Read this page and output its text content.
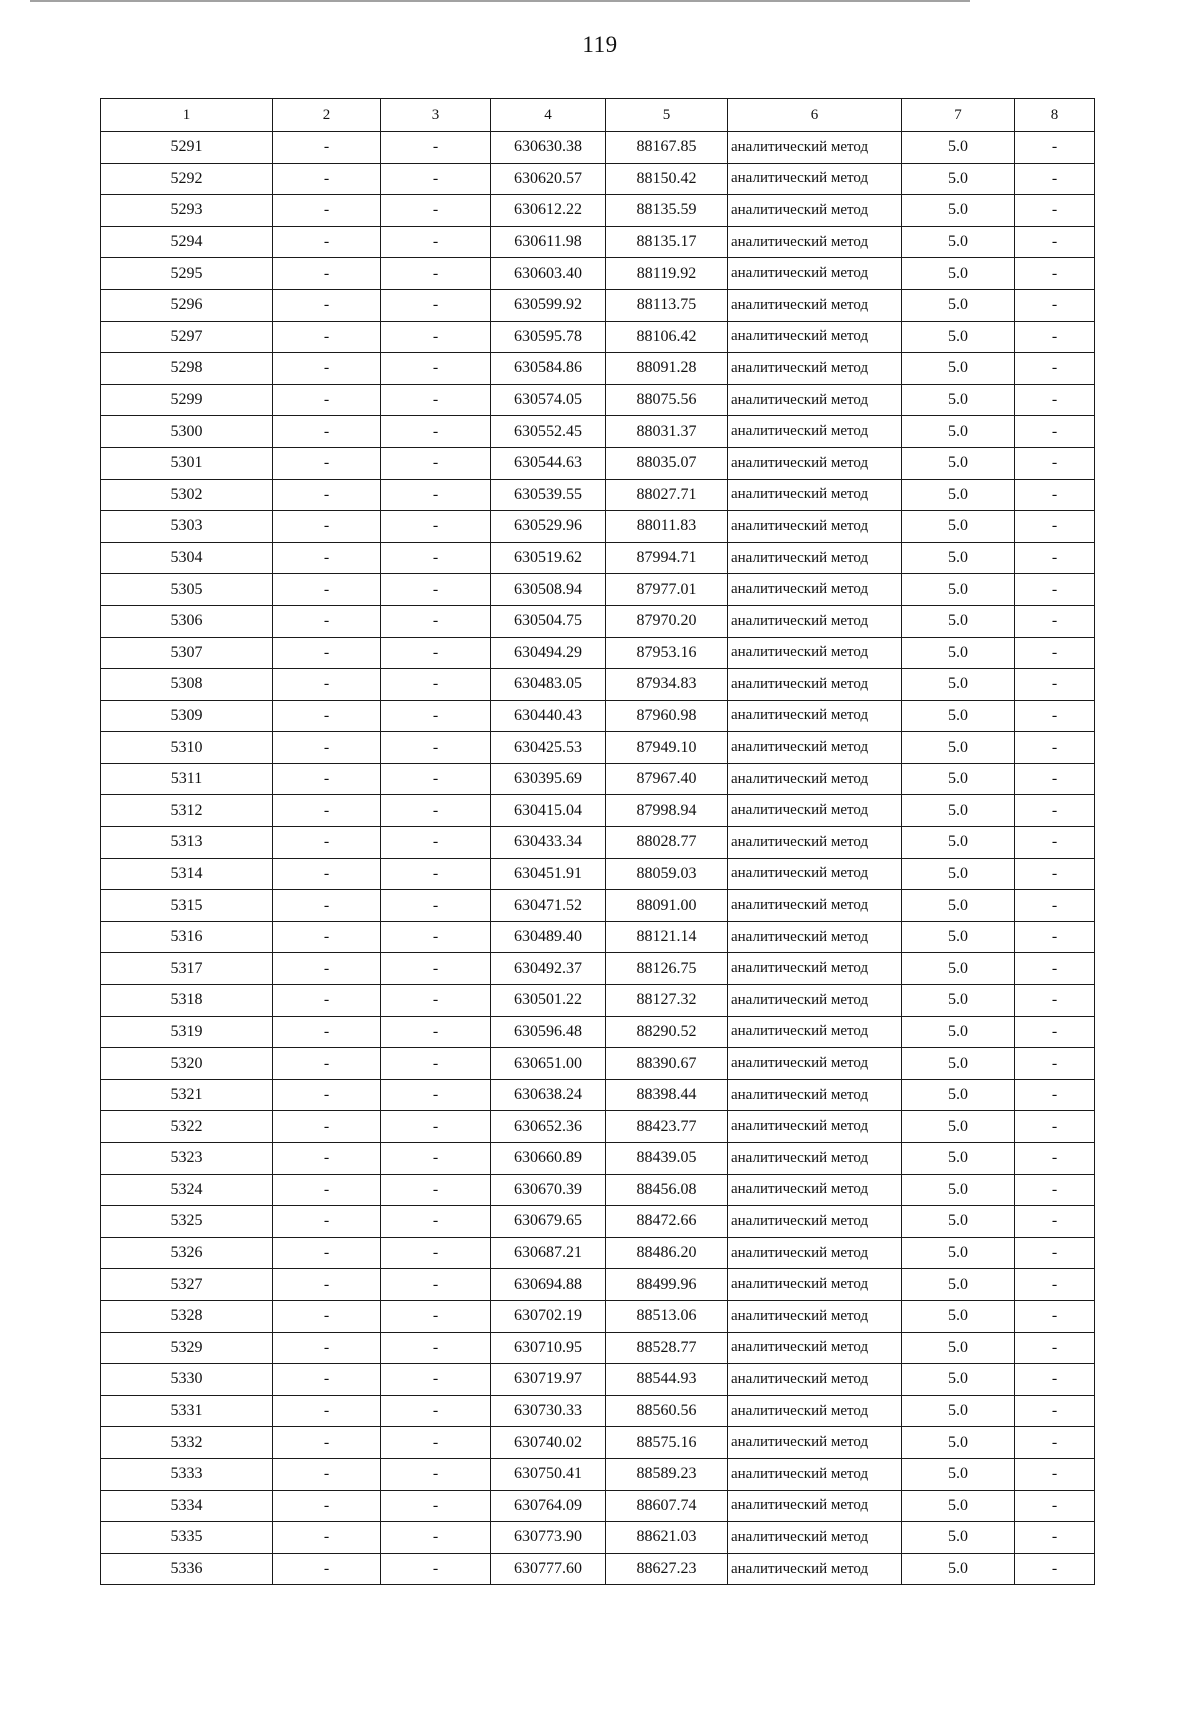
119
1	2	3	4	5	6	7	8
5291	-	-	630630.38	88167.85	аналитический метод	5.0	-
5292	-	-	630620.57	88150.42	аналитический метод	5.0	-
5293	-	-	630612.22	88135.59	аналитический метод	5.0	-
5294	-	-	630611.98	88135.17	аналитический метод	5.0	-
5295	-	-	630603.40	88119.92	аналитический метод	5.0	-
5296	-	-	630599.92	88113.75	аналитический метод	5.0	-
5297	-	-	630595.78	88106.42	аналитический метод	5.0	-
5298	-	-	630584.86	88091.28	аналитический метод	5.0	-
5299	-	-	630574.05	88075.56	аналитический метод	5.0	-
5300	-	-	630552.45	88031.37	аналитический метод	5.0	-
5301	-	-	630544.63	88035.07	аналитический метод	5.0	-
5302	-	-	630539.55	88027.71	аналитический метод	5.0	-
5303	-	-	630529.96	88011.83	аналитический метод	5.0	-
5304	-	-	630519.62	87994.71	аналитический метод	5.0	-
5305	-	-	630508.94	87977.01	аналитический метод	5.0	-
5306	-	-	630504.75	87970.20	аналитический метод	5.0	-
5307	-	-	630494.29	87953.16	аналитический метод	5.0	-
5308	-	-	630483.05	87934.83	аналитический метод	5.0	-
5309	-	-	630440.43	87960.98	аналитический метод	5.0	-
5310	-	-	630425.53	87949.10	аналитический метод	5.0	-
5311	-	-	630395.69	87967.40	аналитический метод	5.0	-
5312	-	-	630415.04	87998.94	аналитический метод	5.0	-
5313	-	-	630433.34	88028.77	аналитический метод	5.0	-
5314	-	-	630451.91	88059.03	аналитический метод	5.0	-
5315	-	-	630471.52	88091.00	аналитический метод	5.0	-
5316	-	-	630489.40	88121.14	аналитический метод	5.0	-
5317	-	-	630492.37	88126.75	аналитический метод	5.0	-
5318	-	-	630501.22	88127.32	аналитический метод	5.0	-
5319	-	-	630596.48	88290.52	аналитический метод	5.0	-
5320	-	-	630651.00	88390.67	аналитический метод	5.0	-
5321	-	-	630638.24	88398.44	аналитический метод	5.0	-
5322	-	-	630652.36	88423.77	аналитический метод	5.0	-
5323	-	-	630660.89	88439.05	аналитический метод	5.0	-
5324	-	-	630670.39	88456.08	аналитический метод	5.0	-
5325	-	-	630679.65	88472.66	аналитический метод	5.0	-
5326	-	-	630687.21	88486.20	аналитический метод	5.0	-
5327	-	-	630694.88	88499.96	аналитический метод	5.0	-
5328	-	-	630702.19	88513.06	аналитический метод	5.0	-
5329	-	-	630710.95	88528.77	аналитический метод	5.0	-
5330	-	-	630719.97	88544.93	аналитический метод	5.0	-
5331	-	-	630730.33	88560.56	аналитический метод	5.0	-
5332	-	-	630740.02	88575.16	аналитический метод	5.0	-
5333	-	-	630750.41	88589.23	аналитический метод	5.0	-
5334	-	-	630764.09	88607.74	аналитический метод	5.0	-
5335	-	-	630773.90	88621.03	аналитический метод	5.0	-
5336	-	-	630777.60	88627.23	аналитический метод	5.0	-
